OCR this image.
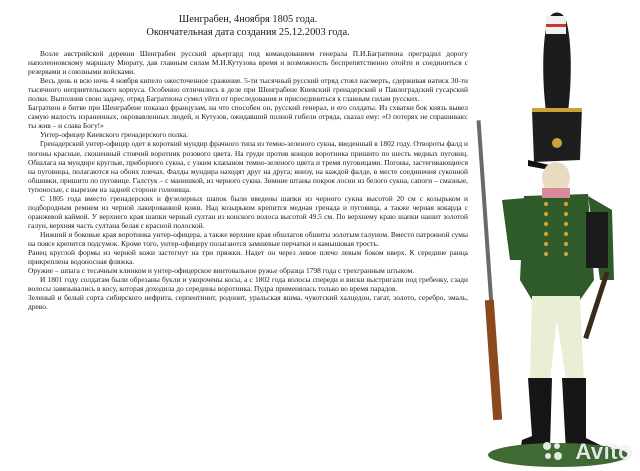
Шенграбен, 4ноября 1805 года.
Окончательная дата создания 25.12.2003 года.

Возле австрийской деревни Шенграбен русский арьергард под командованием генерала П.И.Багратиона преградил дорогу наполеоновскому маршалу Мюрату, дав главным силам М.И.Кутузова время и возможность беспрепятственно отойти и соединиться с резервами и союзными войсками.

Весь день и всю ночь 4 ноября кипело ожесточенное сражение. 5-ти тысячный русский отряд стоял насмерть, сдерживая натиск 30-ти тысячного неприятельского корпуса. Особенно отличились в деле при Шенграбене Киевский гренадерский и Павлоградский гусарский полки. Выполнив свою задачу, отряд Багратиона сумел уйти от преследования и присоединиться к главным силам русских.

Багратион в битве при Шенграбене показал французам, на что способен он, русский генерал, и его солдаты. Из схватки бок князь вывел самую малость израненных, окровавленных людей, и Кутузов, ожидавший полной гибели отряда, сказал ему: «О потерях не спрашиваю: ты жив – и слава Богу!»

Унтер-офицер Киевского гренадерского полка.

Гренадерский унтер-офицер одет в короткий мундир фрачного типа из темно-зеленого сукна, введенный в 1802 году. Отвороты фалд и погоны красные, скошенный стоячий воротник розового цвета. На груди против концов воротника пришито по шесть медных пуговиц. Обшлага на мундире круглые, приборного сукна, с узким клапаном темно-зеленого цвета и тремя пуговицами. Погоны, застегивающиеся на пуговицы, полагаются на обоих плечах. Фалды мундира находят друг на друга; внизу, на каждой фалде, в месте соединения суконной обшивки, пришито по пуговице. Галстук – с манишкой, из черного сукна. Зимние штаны покроя лосин из белого сукна, сапоги – смазные, тупоносые, с вырезом на задней стороне голенища.

С 1805 года вместо гренадерских и фузелерных шапок были введены шапки из черного сукна высотой 20 см с козырьком и подбородным ремнем из черной лакированной кожи. Над козырьком крепится медная гренада и пуговица, а также черная кокарда с оранжевой каймой. У верхнего края шапки черный султан из конского волоса высотой 49.5 см. По верхнему краю шапки нашит золотой галун, верхняя часть султана белая с красной полоской.

Нижний и боковые края воротника унтер-офицера, а также верхние края обшлагов обшиты золотым галуном. Вместо патронной сумы на поясе крепится подсумок. Кроме того, унтер-офицеру полагаются замшевые перчатки и камышовая трость.

Ранец круглой формы из черной кожи застегнут на три пряжки. Надет он через левое плечо левым боком вверх. К середине ранца прикреплена водоносная фляжка.

Оружие – шпага с тесачным клинком и унтер-офицерское винтовальное ружье образца 1798 года с трехгранным штыком.

И 1801 году солдатам были обрезаны букли и укорочены косы, а с 1802 года волосы спереди и виски выстригали под гребенку, сзади волосы завязывались в косу, которая доходила до середины воротника. Пудра применялась только во время парадов.

Зеленый и белый сорта сибирского нефрита, серпентинит, родонит, уральская яшма, чукотский халцедон, гагат, золото, серебро, эмаль, древо.

Avito
